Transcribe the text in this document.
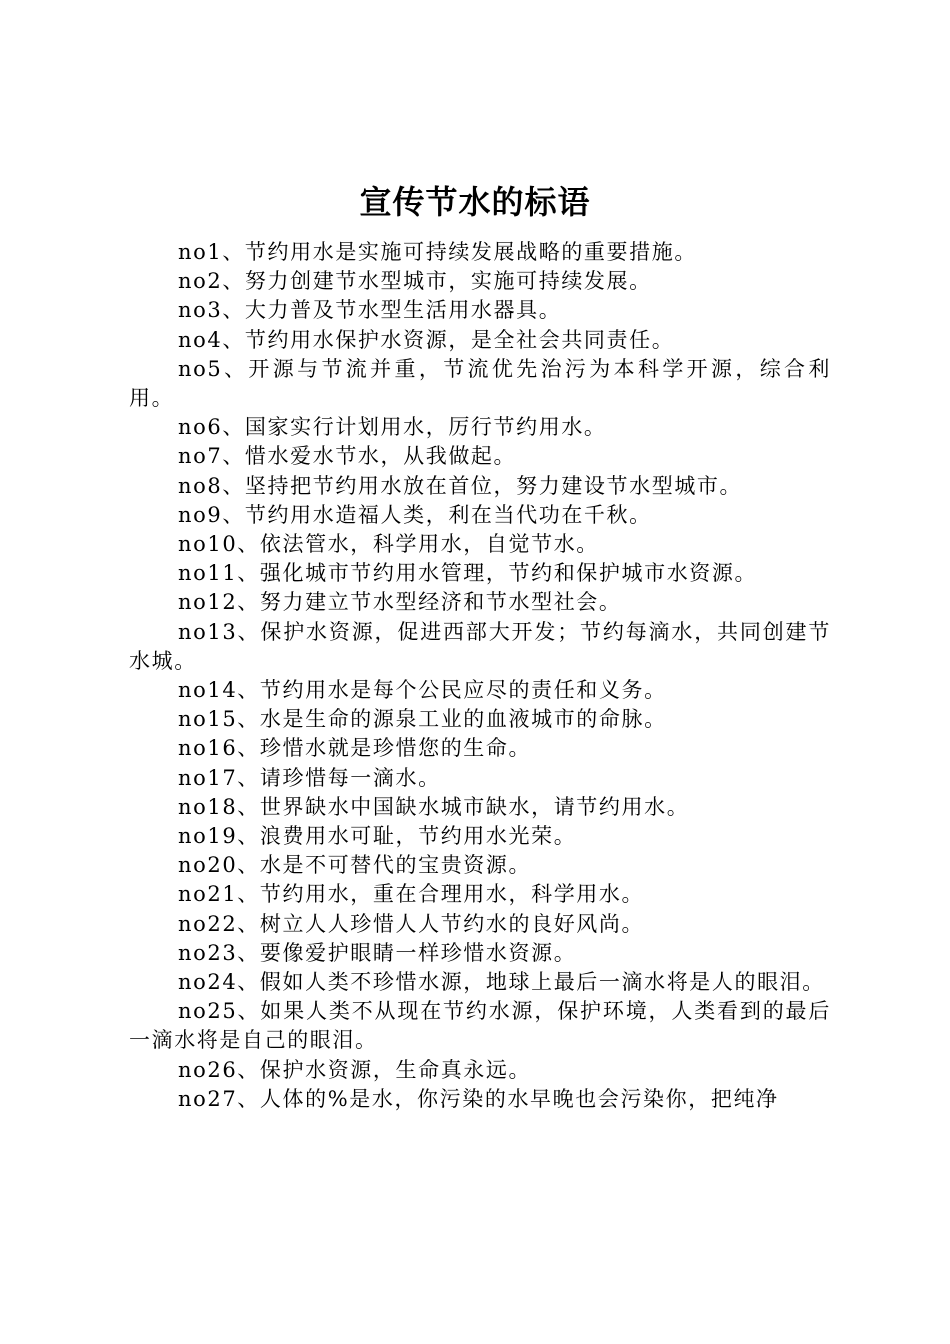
宣传节水的标语

no1、节约用水是实施可持续发展战略的重要措施。

no2、努力创建节水型城市，实施可持续发展。

no3、大力普及节水型生活用水器具。

no4、节约用水保护水资源，是全社会共同责任。

no5、开源与节流并重，节流优先治污为本科学开源，综合利用。

no6、国家实行计划用水，厉行节约用水。

no7、惜水爱水节水，从我做起。

no8、坚持把节约用水放在首位，努力建设节水型城市。

no9、节约用水造福人类，利在当代功在千秋。

no10、依法管水，科学用水，自觉节水。

no11、强化城市节约用水管理，节约和保护城市水资源。

no12、努力建立节水型经济和节水型社会。

no13、保护水资源，促进西部大开发；节约每滴水，共同创建节水城。

no14、节约用水是每个公民应尽的责任和义务。

no15、水是生命的源泉工业的血液城市的命脉。

no16、珍惜水就是珍惜您的生命。

no17、请珍惜每一滴水。

no18、世界缺水中国缺水城市缺水，请节约用水。

no19、浪费用水可耻，节约用水光荣。

no20、水是不可替代的宝贵资源。

no21、节约用水，重在合理用水，科学用水。

no22、树立人人珍惜人人节约水的良好风尚。

no23、要像爱护眼睛一样珍惜水资源。

no24、假如人类不珍惜水源，地球上最后一滴水将是人的眼泪。

no25、如果人类不从现在节约水源，保护环境，人类看到的最后一滴水将是自己的眼泪。

no26、保护水资源，生命真永远。

no27、人体的%是水，你污染的水早晚也会污染你，把纯净
